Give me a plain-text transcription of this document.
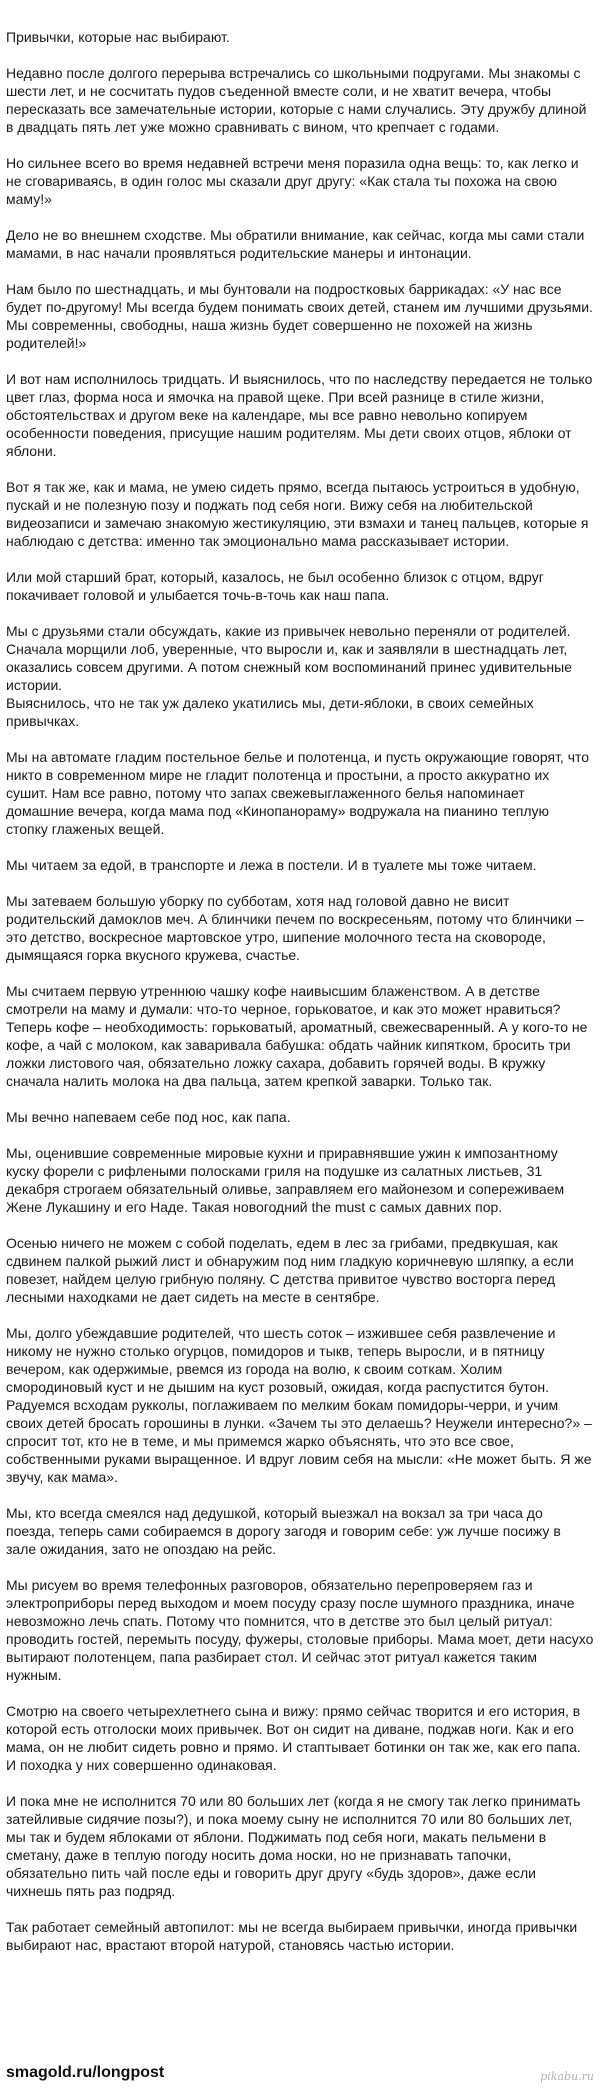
Привычки, которые нас выбирают.

Недавно после долгого перерыва встречались со школьными подругами. Мы знакомы с шести лет, и не сосчитать пудов съеденной вместе соли, и не хватит вечера, чтобы пересказать все замечательные истории, которые с нами случались. Эту дружбу длиной в двадцать пять лет уже можно сравнивать с вином, что крепчает с годами.

Но сильнее всего во время недавней встречи меня поразила одна вещь: то, как легко и не сговариваясь, в один голос мы сказали друг другу: «Как стала ты похожа на свою маму!»

Дело не во внешнем сходстве. Мы обратили внимание, как сейчас, когда мы сами стали мамами, в нас начали проявляться родительские манеры и интонации.

Нам было по шестнадцать, и мы бунтовали на подростковых баррикадах: «У нас все будет по-другому! Мы всегда будем понимать своих детей, станем им лучшими друзьями. Мы современны, свободны, наша жизнь будет совершенно не похожей на жизнь родителей!»

И вот нам исполнилось тридцать. И выяснилось, что по наследству передается не только цвет глаз, форма носа и ямочка на правой щеке. При всей разнице в стиле жизни, обстоятельствах и другом веке на календаре, мы все равно невольно копируем особенности поведения, присущие нашим родителям. Мы дети своих отцов, яблоки от яблони.

Вот я так же, как и мама, не умею сидеть прямо, всегда пытаюсь устроиться в удобную, пускай и не полезную позу и поджать под себя ноги. Вижу себя на любительской видеозаписи и замечаю знакомую жестикуляцию, эти взмахи и танец пальцев, которые я наблюдаю с детства: именно так эмоционально мама рассказывает истории.

Или мой старший брат, который, казалось, не был особенно близок с отцом, вдруг покачивает головой и улыбается точь-в-точь как наш папа.

Мы с друзьями стали обсуждать, какие из привычек невольно переняли от родителей. Сначала морщили лоб, уверенные, что выросли и, как и заявляли в шестнадцать лет, оказались совсем другими. А потом снежный ком воспоминаний принес удивительные истории.
Выяснилось, что не так уж далеко укатились мы, дети-яблоки, в своих семейных привычках.

Мы на автомате гладим постельное белье и полотенца, и пусть окружающие говорят, что никто в современном мире не гладит полотенца и простыни, а просто аккуратно их сушит. Нам все равно, потому что запах свежевыглаженного белья напоминает домашние вечера, когда мама под «Кинопанораму» водружала на пианино теплую стопку глаженых вещей.

Мы читаем за едой, в транспорте и лежа в постели. И в туалете мы тоже читаем.

Мы затеваем большую уборку по субботам, хотя над головой давно не висит родительский дамоклов меч. А блинчики печем по воскресеньям, потому что блинчики – это детство, воскресное мартовское утро, шипение молочного теста на сковороде, дымящаяся горка вкусного кружева, счастье.

Мы считаем первую утреннюю чашку кофе наивысшим блаженством. А в детстве смотрели на маму и думали: что-то черное, горьковатое, и как это может нравиться? Теперь кофе – необходимость: горьковатый, ароматный, свежесваренный. А у кого-то не кофе, а чай с молоком, как заваривала бабушка: обдать чайник кипятком, бросить три ложки листового чая, обязательно ложку сахара, добавить горячей воды. В кружку сначала налить молока на два пальца, затем крепкой заварки. Только так.

Мы вечно напеваем себе под нос, как папа.

Мы, оценившие современные мировые кухни и приравнявшие ужин к импозантному куску форели с рифлеными полосками гриля на подушке из салатных листьев, 31 декабря строгаем обязательный оливье, заправляем его майонезом и сопереживаем Жене Лукашину и его Наде. Такая новогодний the must с самых давних пор.

Осенью ничего не можем с собой поделать, едем в лес за грибами, предвкушая, как сдвинем палкой рыжий лист и обнаружим под ним гладкую коричневую шляпку, а если повезет, найдем целую грибную поляну. С детства привитое чувство восторга перед лесными находками не дает сидеть на месте в сентябре.

Мы, долго убеждавшие родителей, что шесть соток – изжившее себя развлечение и никому не нужно столько огурцов, помидоров и тыкв, теперь выросли, и в пятницу вечером, как одержимые, рвемся из города на волю, к своим соткам. Холим смородиновый куст и не дышим на куст розовый, ожидая, когда распустится бутон. Радуемся всходам рукколы, поглаживаем по мелким бокам помидоры-черри, и учим своих детей бросать горошины в лунки. «Зачем ты это делаешь? Неужели интересно?» – спросит тот, кто не в теме, и мы примемся жарко объяснять, что это все свое, собственными руками выращенное. И вдруг ловим себя на мысли: «Не может быть. Я же звучу, как мама».

Мы, кто всегда смеялся над дедушкой, который выезжал на вокзал за три часа до поезда, теперь сами собираемся в дорогу загодя и говорим себе: уж лучше посижу в зале ожидания, зато не опоздаю на рейс.

Мы рисуем во время телефонных разговоров, обязательно перепроверяем газ и электроприборы перед выходом и моем посуду сразу после шумного праздника, иначе невозможно лечь спать. Потому что помнится, что в детстве это был целый ритуал: проводить гостей, перемыть посуду, фужеры, столовые приборы. Мама моет, дети насухо вытирают полотенцем, папа разбирает стол. И сейчас этот ритуал кажется таким нужным.

Смотрю на своего четырехлетнего сына и вижу: прямо сейчас творится и его история, в которой есть отголоски моих привычек. Вот он сидит на диване, поджав ноги. Как и его мама, он не любит сидеть ровно и прямо. И стаптывает ботинки он так же, как его папа. И походка у них совершенно одинаковая.

И пока мне не исполнится 70 или 80 больших лет (когда я не смогу так легко принимать затейливые сидячие позы?), и пока моему сыну не исполнится 70 или 80 больших лет, мы так и будем яблоками от яблони. Поджимать под себя ноги, макать пельмени в сметану, даже в теплую погоду носить дома носки, но не признавать тапочки, обязательно пить чай после еды и говорить друг другу «будь здоров», даже если чихнешь пять раз подряд.

Так работает семейный автопилот: мы не всегда выбираем привычки, иногда привычки выбирают нас, врастают второй натурой, становясь частью истории.

smagold.ru/longpost	pikabu.ru
